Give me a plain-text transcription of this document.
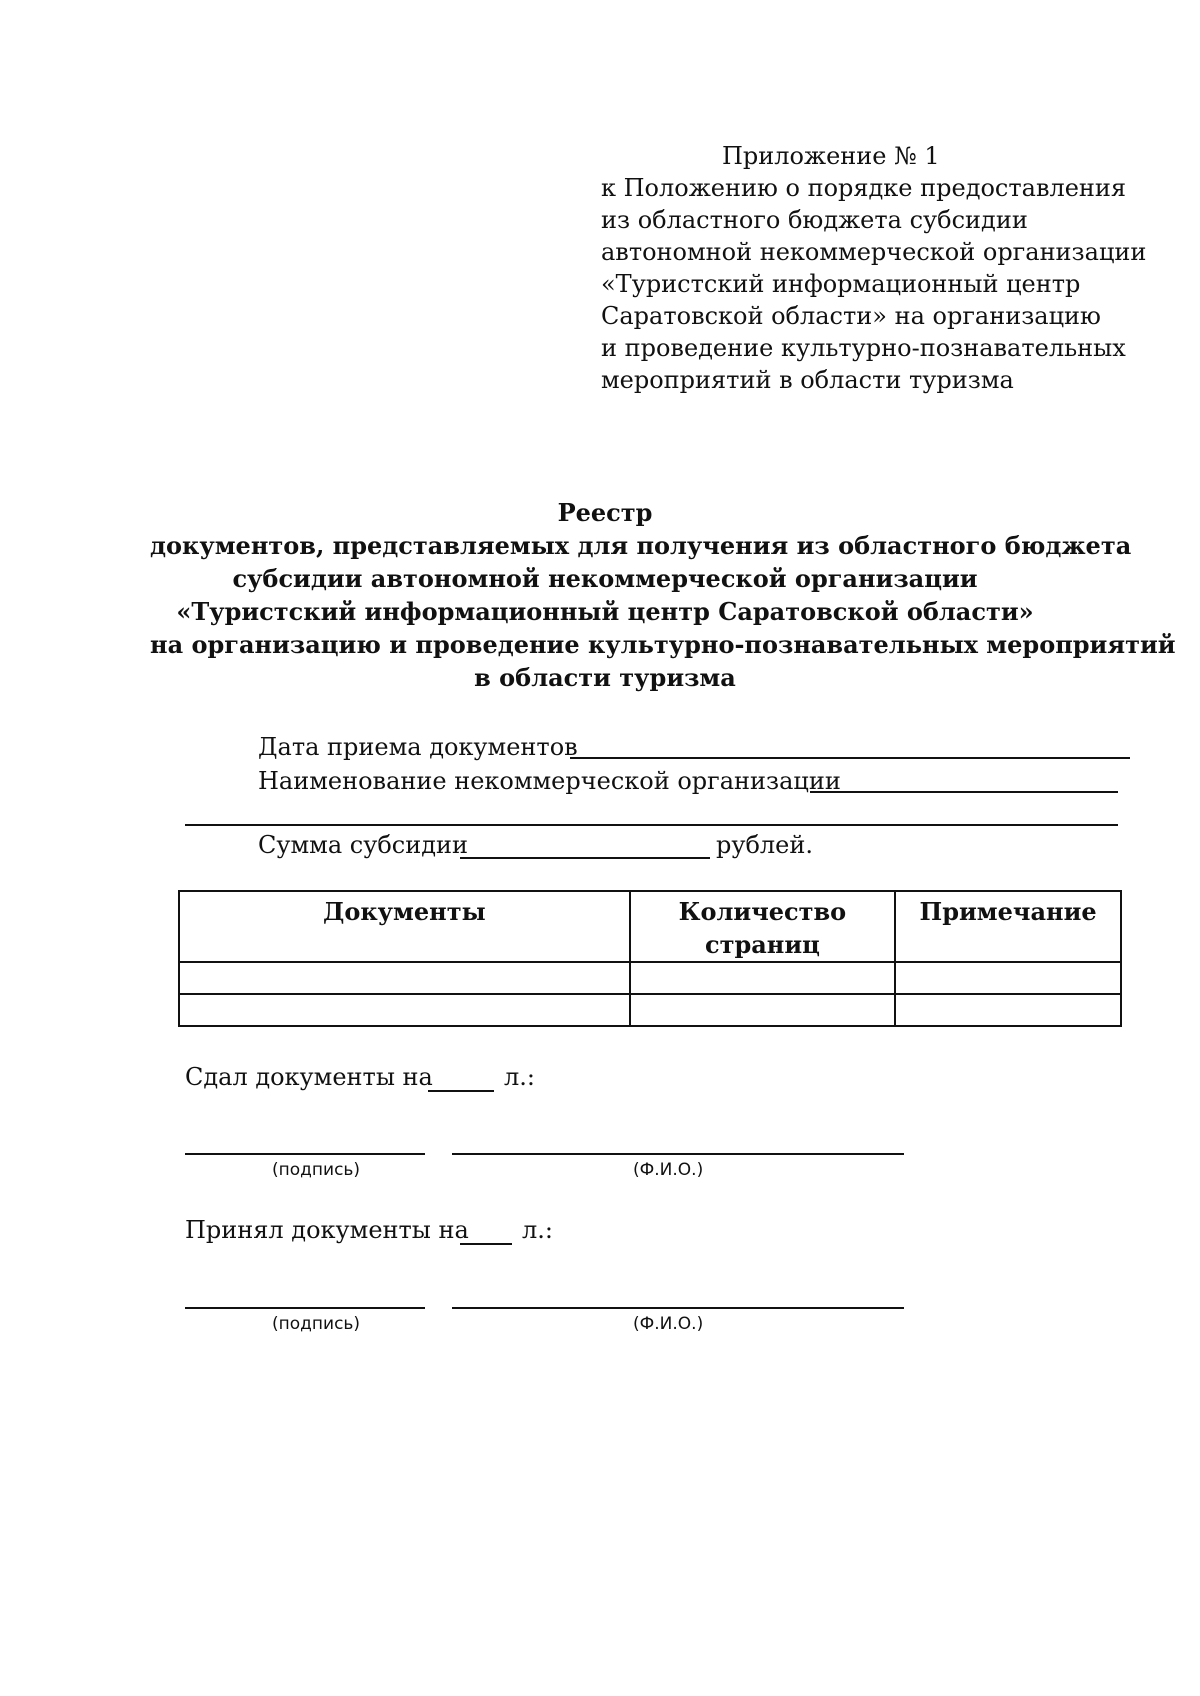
Приложение № 1
к Положению о порядке предоставления
из областного бюджета субсидии
автономной некоммерческой организации
«Туристский информационный центр
Саратовской области» на организацию
и проведение культурно-познавательных
мероприятий в области туризма
Реестр
документов, представляемых для получения из областного бюджета
субсидии автономной некоммерческой организации
«Туристский информационный центр Саратовской области»
на организацию и проведение культурно-познавательных мероприятий
в области туризма
Дата приема документов
Наименование некоммерческой организации
Сумма субсидии	рублей.
Документы	Количество страниц	Примечание

Сдал документы на	л.:
(подпись)	(Ф.И.О.)
Принял документы на л.:
(подпись)	(Ф.И.О.)
